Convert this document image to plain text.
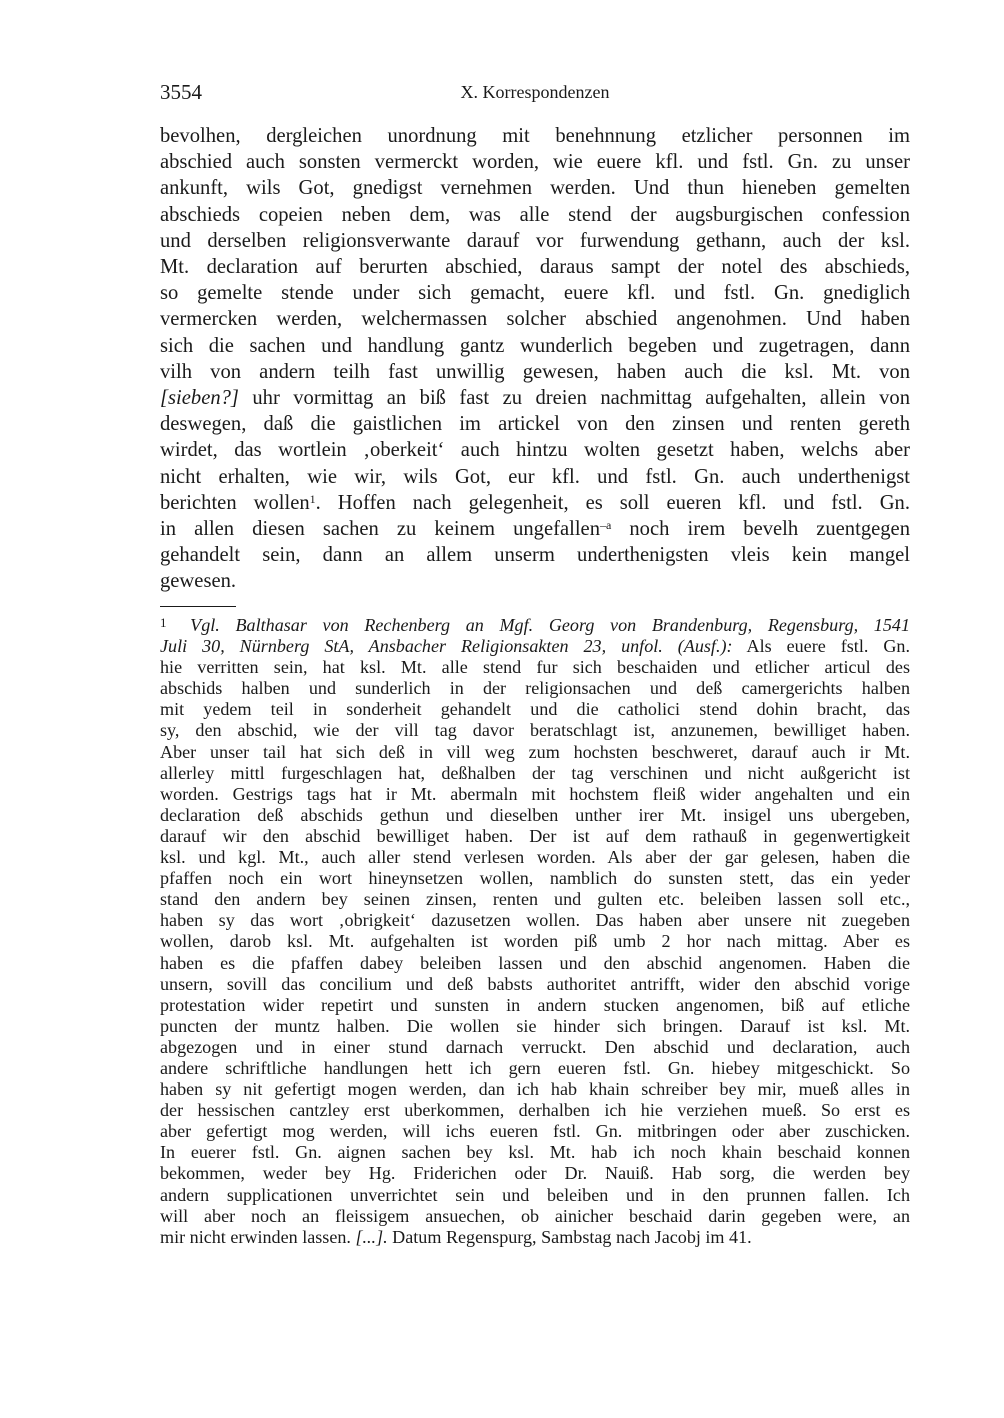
3554	X. Korrespondenzen
bevolhen, dergleichen unordnung mit benehnnung etzlicher personnen im
abschied auch sonsten vermerckt worden, wie euere kfl. und fstl. Gn. zu unser
ankunft, wils Got, gnedigst vernehmen werden. Und thun hieneben gemelten
abschieds copeien neben dem, was alle stend der augsburgischen confession
und derselben religionsverwante darauf vor furwendung gethann, auch der ksl.
Mt. declaration auf berurten abschied, daraus sampt der notel des abschieds,
so gemelte stende under sich gemacht, euere kfl. und fstl. Gn. gnediglich
vermercken werden, welchermassen solcher abschied angenohmen. Und haben
sich die sachen und handlung gantz wunderlich begeben und zugetragen, dann
vilh von andern teilh fast unwillig gewesen, haben auch die ksl. Mt. von
[sieben?] uhr vormittag an biß fast zu dreien nachmittag aufgehalten, allein von
deswegen, daß die gaistlichen im artickel von den zinsen und renten gereth
wirdet, das wortlein ‚oberkeit‘ auch hintzu wolten gesetzt haben, welchs aber
nicht erhalten, wie wir, wils Got, eur kfl. und fstl. Gn. auch underthenigst
berichten wollen$^1$. Hoffen nach gelegenheit, es soll eueren kfl. und fstl. Gn.
in allen diesen sachen zu keinem ungefallen$^{-a}$ noch irem bevelh zuentgegen
gehandelt sein, dann an allem unserm underthenigsten vleis kein mangel
gewesen.
$^1$ Vgl. Balthasar von Rechenberg an Mgf. Georg von Brandenburg, Regensburg, 1541
Juli 30, Nürnberg StA, Ansbacher Religionsakten 23, unfol. (Ausf.): Als euere fstl. Gn.
hie verritten sein, hat ksl. Mt. alle stend fur sich beschaiden und etlicher articul des
abschids halben und sunderlich in der religionsachen und deß camergerichts halben
mit yedem teil in sonderheit gehandelt und die catholici stend dohin bracht, das
sy, den abschid, wie der vill tag davor beratschlagt ist, anzunemen, bewilliget haben.
Aber unser tail hat sich deß in vill weg zum hochsten beschweret, darauf auch ir Mt.
allerley mittl furgeschlagen hat, deßhalben der tag verschinen und nicht außgericht ist
worden. Gestrigs tags hat ir Mt. abermaln mit hochstem fleiß wider angehalten und ein
declaration deß abschids gethun und dieselben unther irer Mt. insigel uns ubergeben,
darauf wir den abschid bewilliget haben. Der ist auf dem rathauß in gegenwertigkeit
ksl. und kgl. Mt., auch aller stend verlesen worden. Als aber der gar gelesen, haben die
pfaffen noch ein wort hineynsetzen wollen, namblich do sunsten stett, das ein yeder
stand den andern bey seinen zinsen, renten und gulten etc. beleiben lassen soll etc.,
haben sy das wort ‚obrigkeit‘ dazusetzen wollen. Das haben aber unsere nit zuegeben
wollen, darob ksl. Mt. aufgehalten ist worden piß umb 2 hor nach mittag. Aber es
haben es die pfaffen dabey beleiben lassen und den abschid angenomen. Haben die
unsern, sovill das concilium und deß babsts authoritet antrifft, wider den abschid vorige
protestation wider repetirt und sunsten in andern stucken angenomen, biß auf etliche
puncten der muntz halben. Die wollen sie hinder sich bringen. Darauf ist ksl. Mt.
abgezogen und in einer stund darnach verruckt. Den abschid und declaration, auch
andere schriftliche handlungen hett ich gern eueren fstl. Gn. hiebey mitgeschickt. So
haben sy nit gefertigt mogen werden, dan ich hab khain schreiber bey mir, mueß alles in
der hessischen cantzley erst uberkommen, derhalben ich hie verziehen mueß. So erst es
aber gefertigt mog werden, will ichs eueren fstl. Gn. mitbringen oder aber zuschicken.
In euerer fstl. Gn. aignen sachen bey ksl. Mt. hab ich noch khain beschaid konnen
bekommen, weder bey Hg. Friderichen oder Dr. Nauiß. Hab sorg, die werden bey
andern supplicationen unverrichtet sein und beleiben und in den prunnen fallen. Ich
will aber noch an fleissigem ansuechen, ob ainicher beschaid darin gegeben were, an
mir nicht erwinden lassen. [...]. Datum Regenspurg, Sambstag nach Jacobj im 41.
